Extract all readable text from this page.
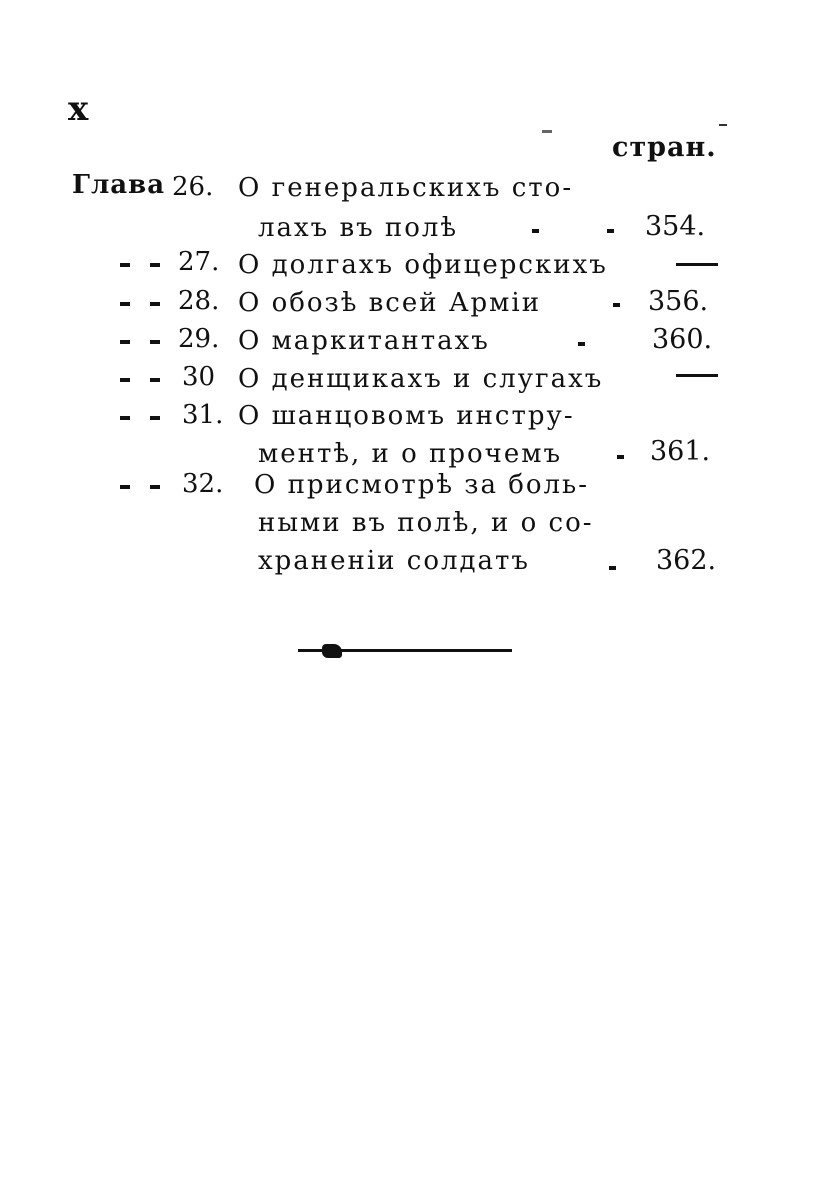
x
стран.
Глава 26. О генеральскихъ сто-
лахъ въ полѣ	354.
27. О долгахъ офицерскихъ
28. О обозѣ всей Арміи	356.
29. О маркитантахъ	360.
30 О денщикахъ и слугахъ
31. О шанцовомъ инстру-
ментѣ, и о прочемъ	361.
32. О присмотрѣ за боль-
ными въ полѣ, и о со-
храненіи солдатъ	362.
